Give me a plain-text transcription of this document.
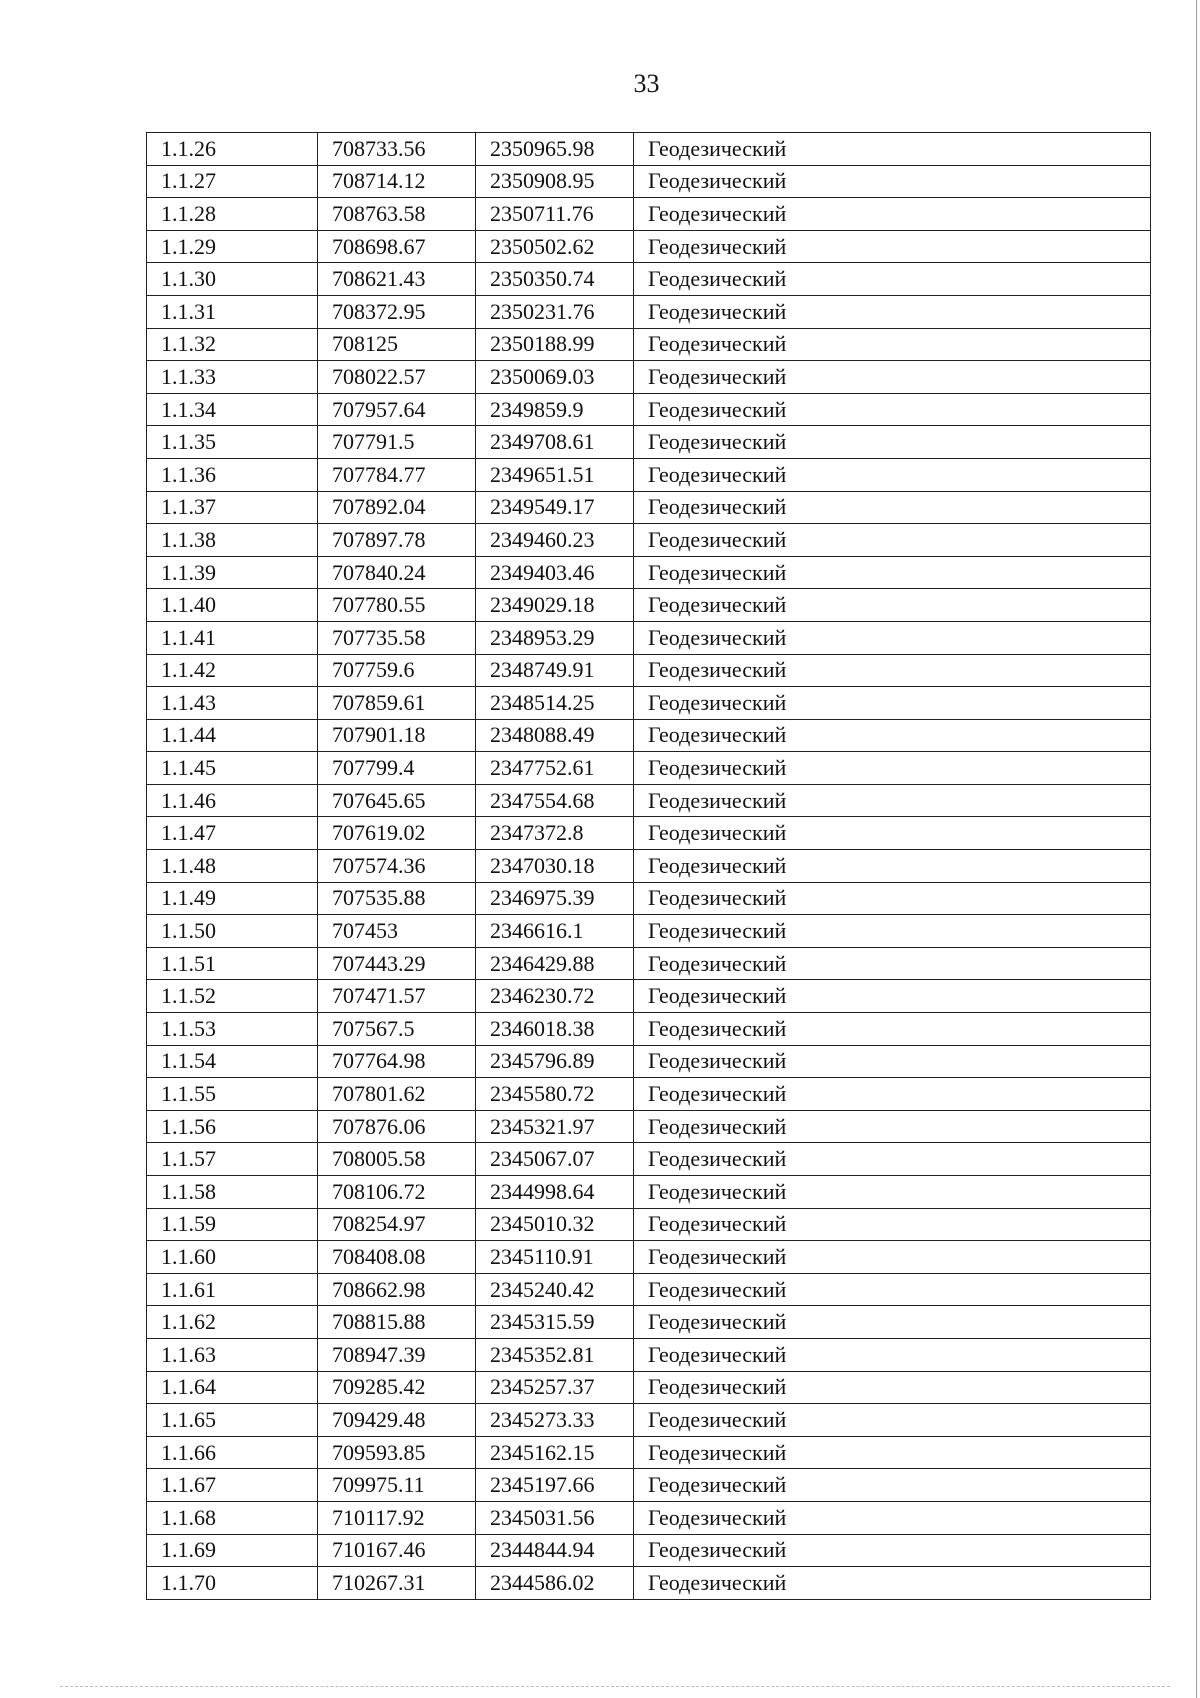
33
1.1.26	708733.56	2350965.98	Геодезический
1.1.27	708714.12	2350908.95	Геодезический
1.1.28	708763.58	2350711.76	Геодезический
1.1.29	708698.67	2350502.62	Геодезический
1.1.30	708621.43	2350350.74	Геодезический
1.1.31	708372.95	2350231.76	Геодезический
1.1.32	708125	2350188.99	Геодезический
1.1.33	708022.57	2350069.03	Геодезический
1.1.34	707957.64	2349859.9	Геодезический
1.1.35	707791.5	2349708.61	Геодезический
1.1.36	707784.77	2349651.51	Геодезический
1.1.37	707892.04	2349549.17	Геодезический
1.1.38	707897.78	2349460.23	Геодезический
1.1.39	707840.24	2349403.46	Геодезический
1.1.40	707780.55	2349029.18	Геодезический
1.1.41	707735.58	2348953.29	Геодезический
1.1.42	707759.6	2348749.91	Геодезический
1.1.43	707859.61	2348514.25	Геодезический
1.1.44	707901.18	2348088.49	Геодезический
1.1.45	707799.4	2347752.61	Геодезический
1.1.46	707645.65	2347554.68	Геодезический
1.1.47	707619.02	2347372.8	Геодезический
1.1.48	707574.36	2347030.18	Геодезический
1.1.49	707535.88	2346975.39	Геодезический
1.1.50	707453	2346616.1	Геодезический
1.1.51	707443.29	2346429.88	Геодезический
1.1.52	707471.57	2346230.72	Геодезический
1.1.53	707567.5	2346018.38	Геодезический
1.1.54	707764.98	2345796.89	Геодезический
1.1.55	707801.62	2345580.72	Геодезический
1.1.56	707876.06	2345321.97	Геодезический
1.1.57	708005.58	2345067.07	Геодезический
1.1.58	708106.72	2344998.64	Геодезический
1.1.59	708254.97	2345010.32	Геодезический
1.1.60	708408.08	2345110.91	Геодезический
1.1.61	708662.98	2345240.42	Геодезический
1.1.62	708815.88	2345315.59	Геодезический
1.1.63	708947.39	2345352.81	Геодезический
1.1.64	709285.42	2345257.37	Геодезический
1.1.65	709429.48	2345273.33	Геодезический
1.1.66	709593.85	2345162.15	Геодезический
1.1.67	709975.11	2345197.66	Геодезический
1.1.68	710117.92	2345031.56	Геодезический
1.1.69	710167.46	2344844.94	Геодезический
1.1.70	710267.31	2344586.02	Геодезический
